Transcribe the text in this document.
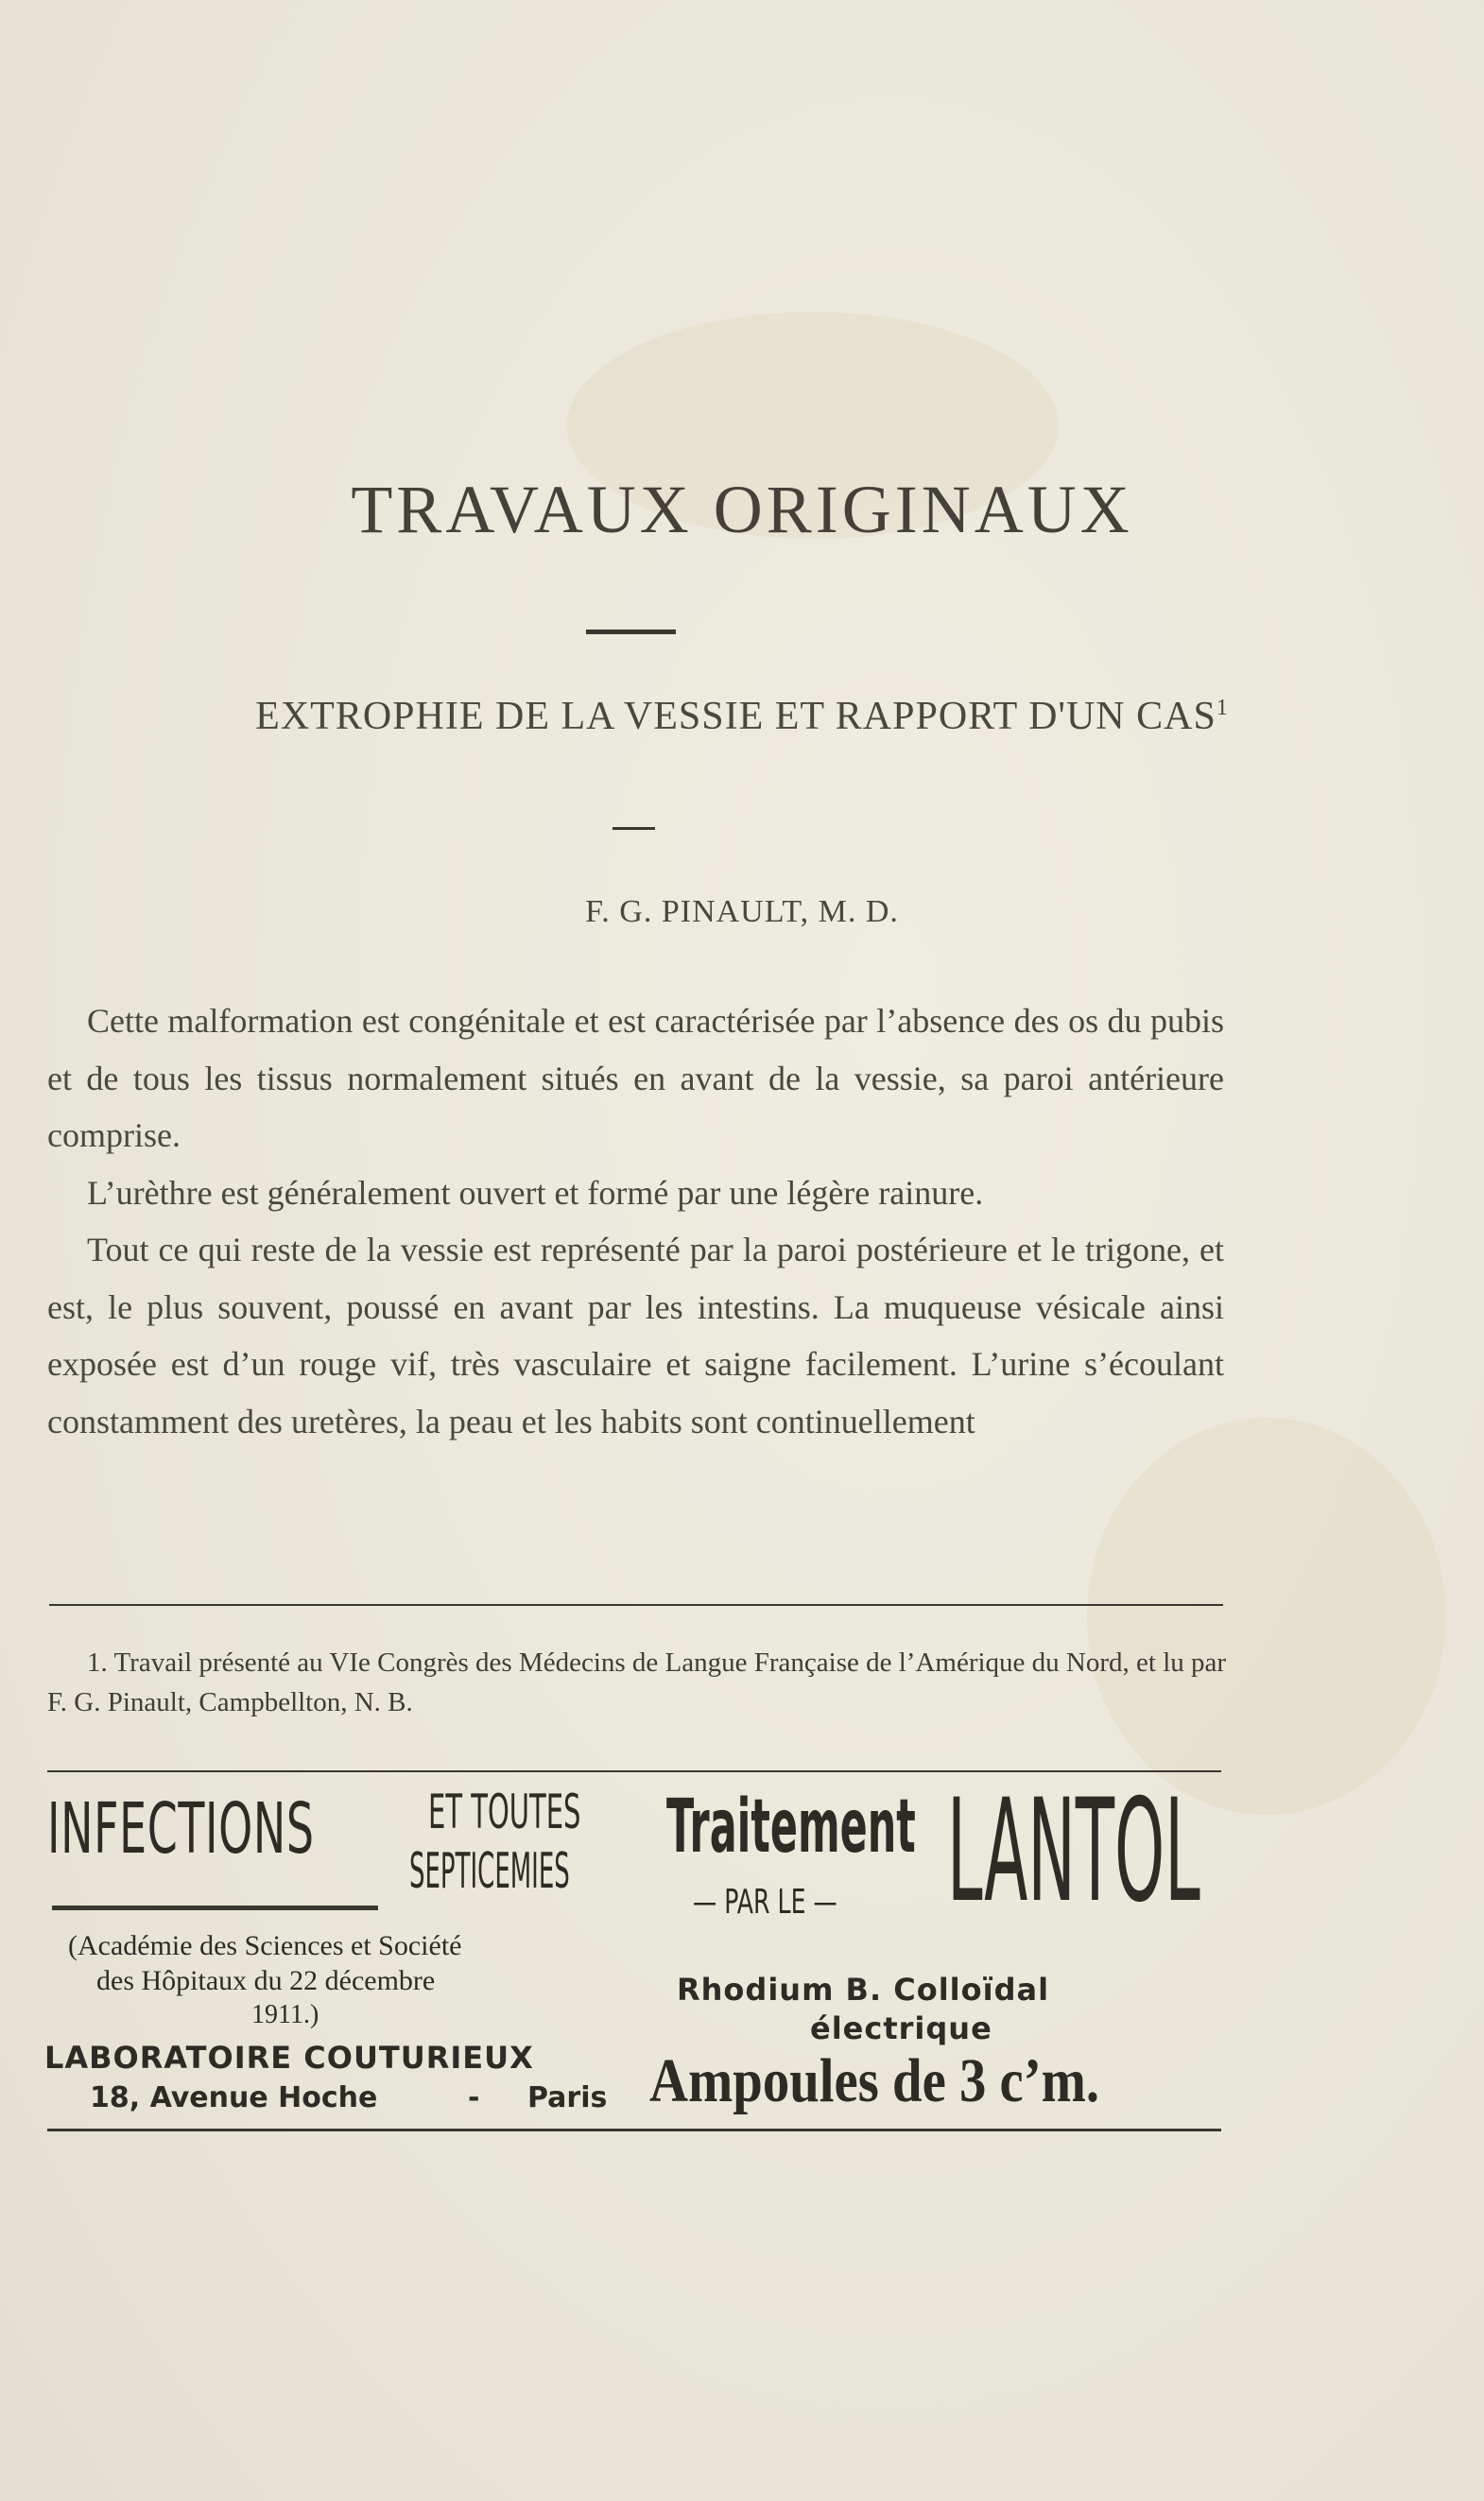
TRAVAUX ORIGINAUX
EXTROPHIE DE LA VESSIE ET RAPPORT D'UN CAS$^1$
F. G. PINAULT, M. D.

Cette malformation est congénitale et est caractérisée par l’absence des os du pubis et de tous les tissus normalement situés en avant de la vessie, sa paroi antérieure comprise.

L’urèthre est généralement ouvert et formé par une légère rainure.

Tout ce qui reste de la vessie est représenté par la paroi postérieure et le trigone, et est, le plus souvent, poussé en avant par les intestins. La muqueuse vésicale ainsi exposée est d’un rouge vif, très vasculaire et saigne facilement. L’urine s’écoulant constamment des uretères, la peau et les habits sont continuellement

1. Travail présenté au VIe Congrès des Médecins de Langue Française de l’Amérique du Nord, et lu par F. G. Pinault, Campbellton, N. B.
INFECTIONS ET TOUTES
SEPTICEMIES
(Académie des Sciences et Société
des Hôpitaux du 22 décembre
1911.)
LABORATOIRE COUTURIEUX
18, Avenue Hoche	- Paris
Traitement
— PAR LE — LANTOL
Rhodium B. Colloïdal
électrique
Ampoules de 3 c’m.
